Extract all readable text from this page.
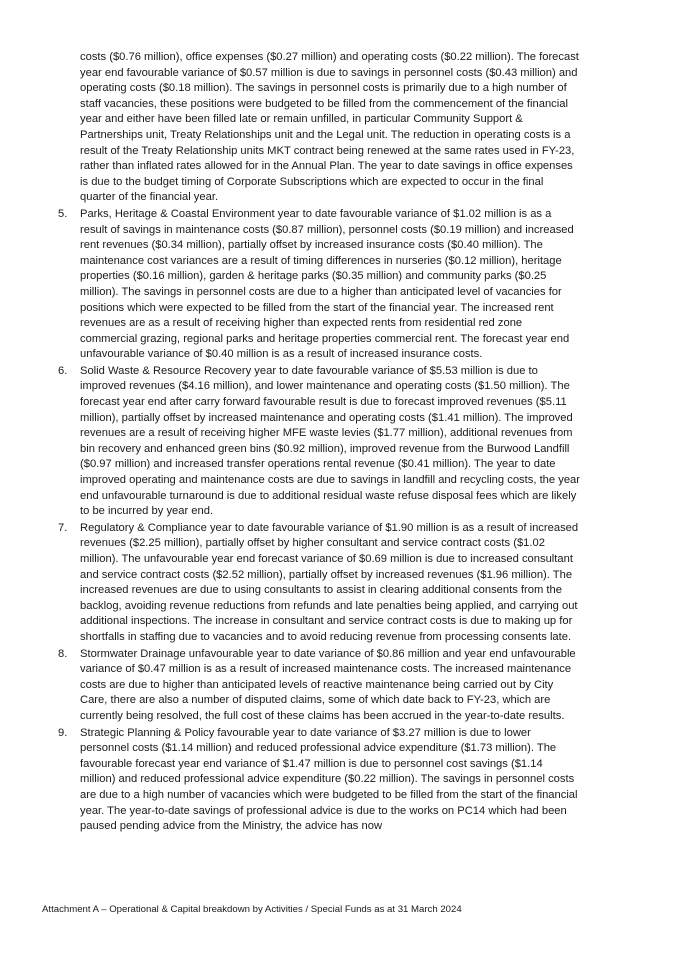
costs ($0.76 million), office expenses ($0.27 million) and operating costs ($0.22 million). The forecast year end favourable variance of $0.57 million is due to savings in personnel costs ($0.43 million) and operating costs ($0.18 million). The savings in personnel costs is primarily due to a high number of staff vacancies, these positions were budgeted to be filled from the commencement of the financial year and either have been filled late or remain unfilled, in particular Community Support & Partnerships unit, Treaty Relationships unit and the Legal unit. The reduction in operating costs is a result of the Treaty Relationship units MKT contract being renewed at the same rates used in FY-23, rather than inflated rates allowed for in the Annual Plan. The year to date savings in office expenses is due to the budget timing of Corporate Subscriptions which are expected to occur in the final quarter of the financial year.

5. Parks, Heritage & Coastal Environment year to date favourable variance of $1.02 million is as a result of savings in maintenance costs ($0.87 million), personnel costs ($0.19 million) and increased rent revenues ($0.34 million), partially offset by increased insurance costs ($0.40 million). The maintenance cost variances are a result of timing differences in nurseries ($0.12 million), heritage properties ($0.16 million), garden & heritage parks ($0.35 million) and community parks ($0.25 million). The savings in personnel costs are due to a higher than anticipated level of vacancies for positions which were expected to be filled from the start of the financial year. The increased rent revenues are as a result of receiving higher than expected rents from residential red zone commercial grazing, regional parks and heritage properties commercial rent. The forecast year end unfavourable variance of $0.40 million is as a result of increased insurance costs.
6. Solid Waste & Resource Recovery year to date favourable variance of $5.53 million is due to improved revenues ($4.16 million), and lower maintenance and operating costs ($1.50 million). The forecast year end after carry forward favourable result is due to forecast improved revenues ($5.11 million), partially offset by increased maintenance and operating costs ($1.41 million). The improved revenues are a result of receiving higher MFE waste levies ($1.77 million), additional revenues from bin recovery and enhanced green bins ($0.92 million), improved revenue from the Burwood Landfill ($0.97 million) and increased transfer operations rental revenue ($0.41 million). The year to date improved operating and maintenance costs are due to savings in landfill and recycling costs, the year end unfavourable turnaround is due to additional residual waste refuse disposal fees which are likely to be incurred by year end.
7. Regulatory & Compliance year to date favourable variance of $1.90 million is as a result of increased revenues ($2.25 million), partially offset by higher consultant and service contract costs ($1.02 million). The unfavourable year end forecast variance of $0.69 million is due to increased consultant and service contract costs ($2.52 million), partially offset by increased revenues ($1.96 million). The increased revenues are due to using consultants to assist in clearing additional consents from the backlog, avoiding revenue reductions from refunds and late penalties being applied, and carrying out additional inspections. The increase in consultant and service contract costs is due to making up for shortfalls in staffing due to vacancies and to avoid reducing revenue from processing consents late.
8. Stormwater Drainage unfavourable year to date variance of $0.86 million and year end unfavourable variance of $0.47 million is as a result of increased maintenance costs. The increased maintenance costs are due to higher than anticipated levels of reactive maintenance being carried out by City Care, there are also a number of disputed claims, some of which date back to FY-23, which are currently being resolved, the full cost of these claims has been accrued in the year-to-date results.
9. Strategic Planning & Policy favourable year to date variance of $3.27 million is due to lower personnel costs ($1.14 million) and reduced professional advice expenditure ($1.73 million). The favourable forecast year end variance of $1.47 million is due to personnel cost savings ($1.14 million) and reduced professional advice expenditure ($0.22 million). The savings in personnel costs are due to a high number of vacancies which were budgeted to be filled from the start of the financial year. The year-to-date savings of professional advice is due to the works on PC14 which had been paused pending advice from the Ministry, the advice has now
Attachment A – Operational & Capital breakdown by Activities / Special Funds as at 31 March 2024
